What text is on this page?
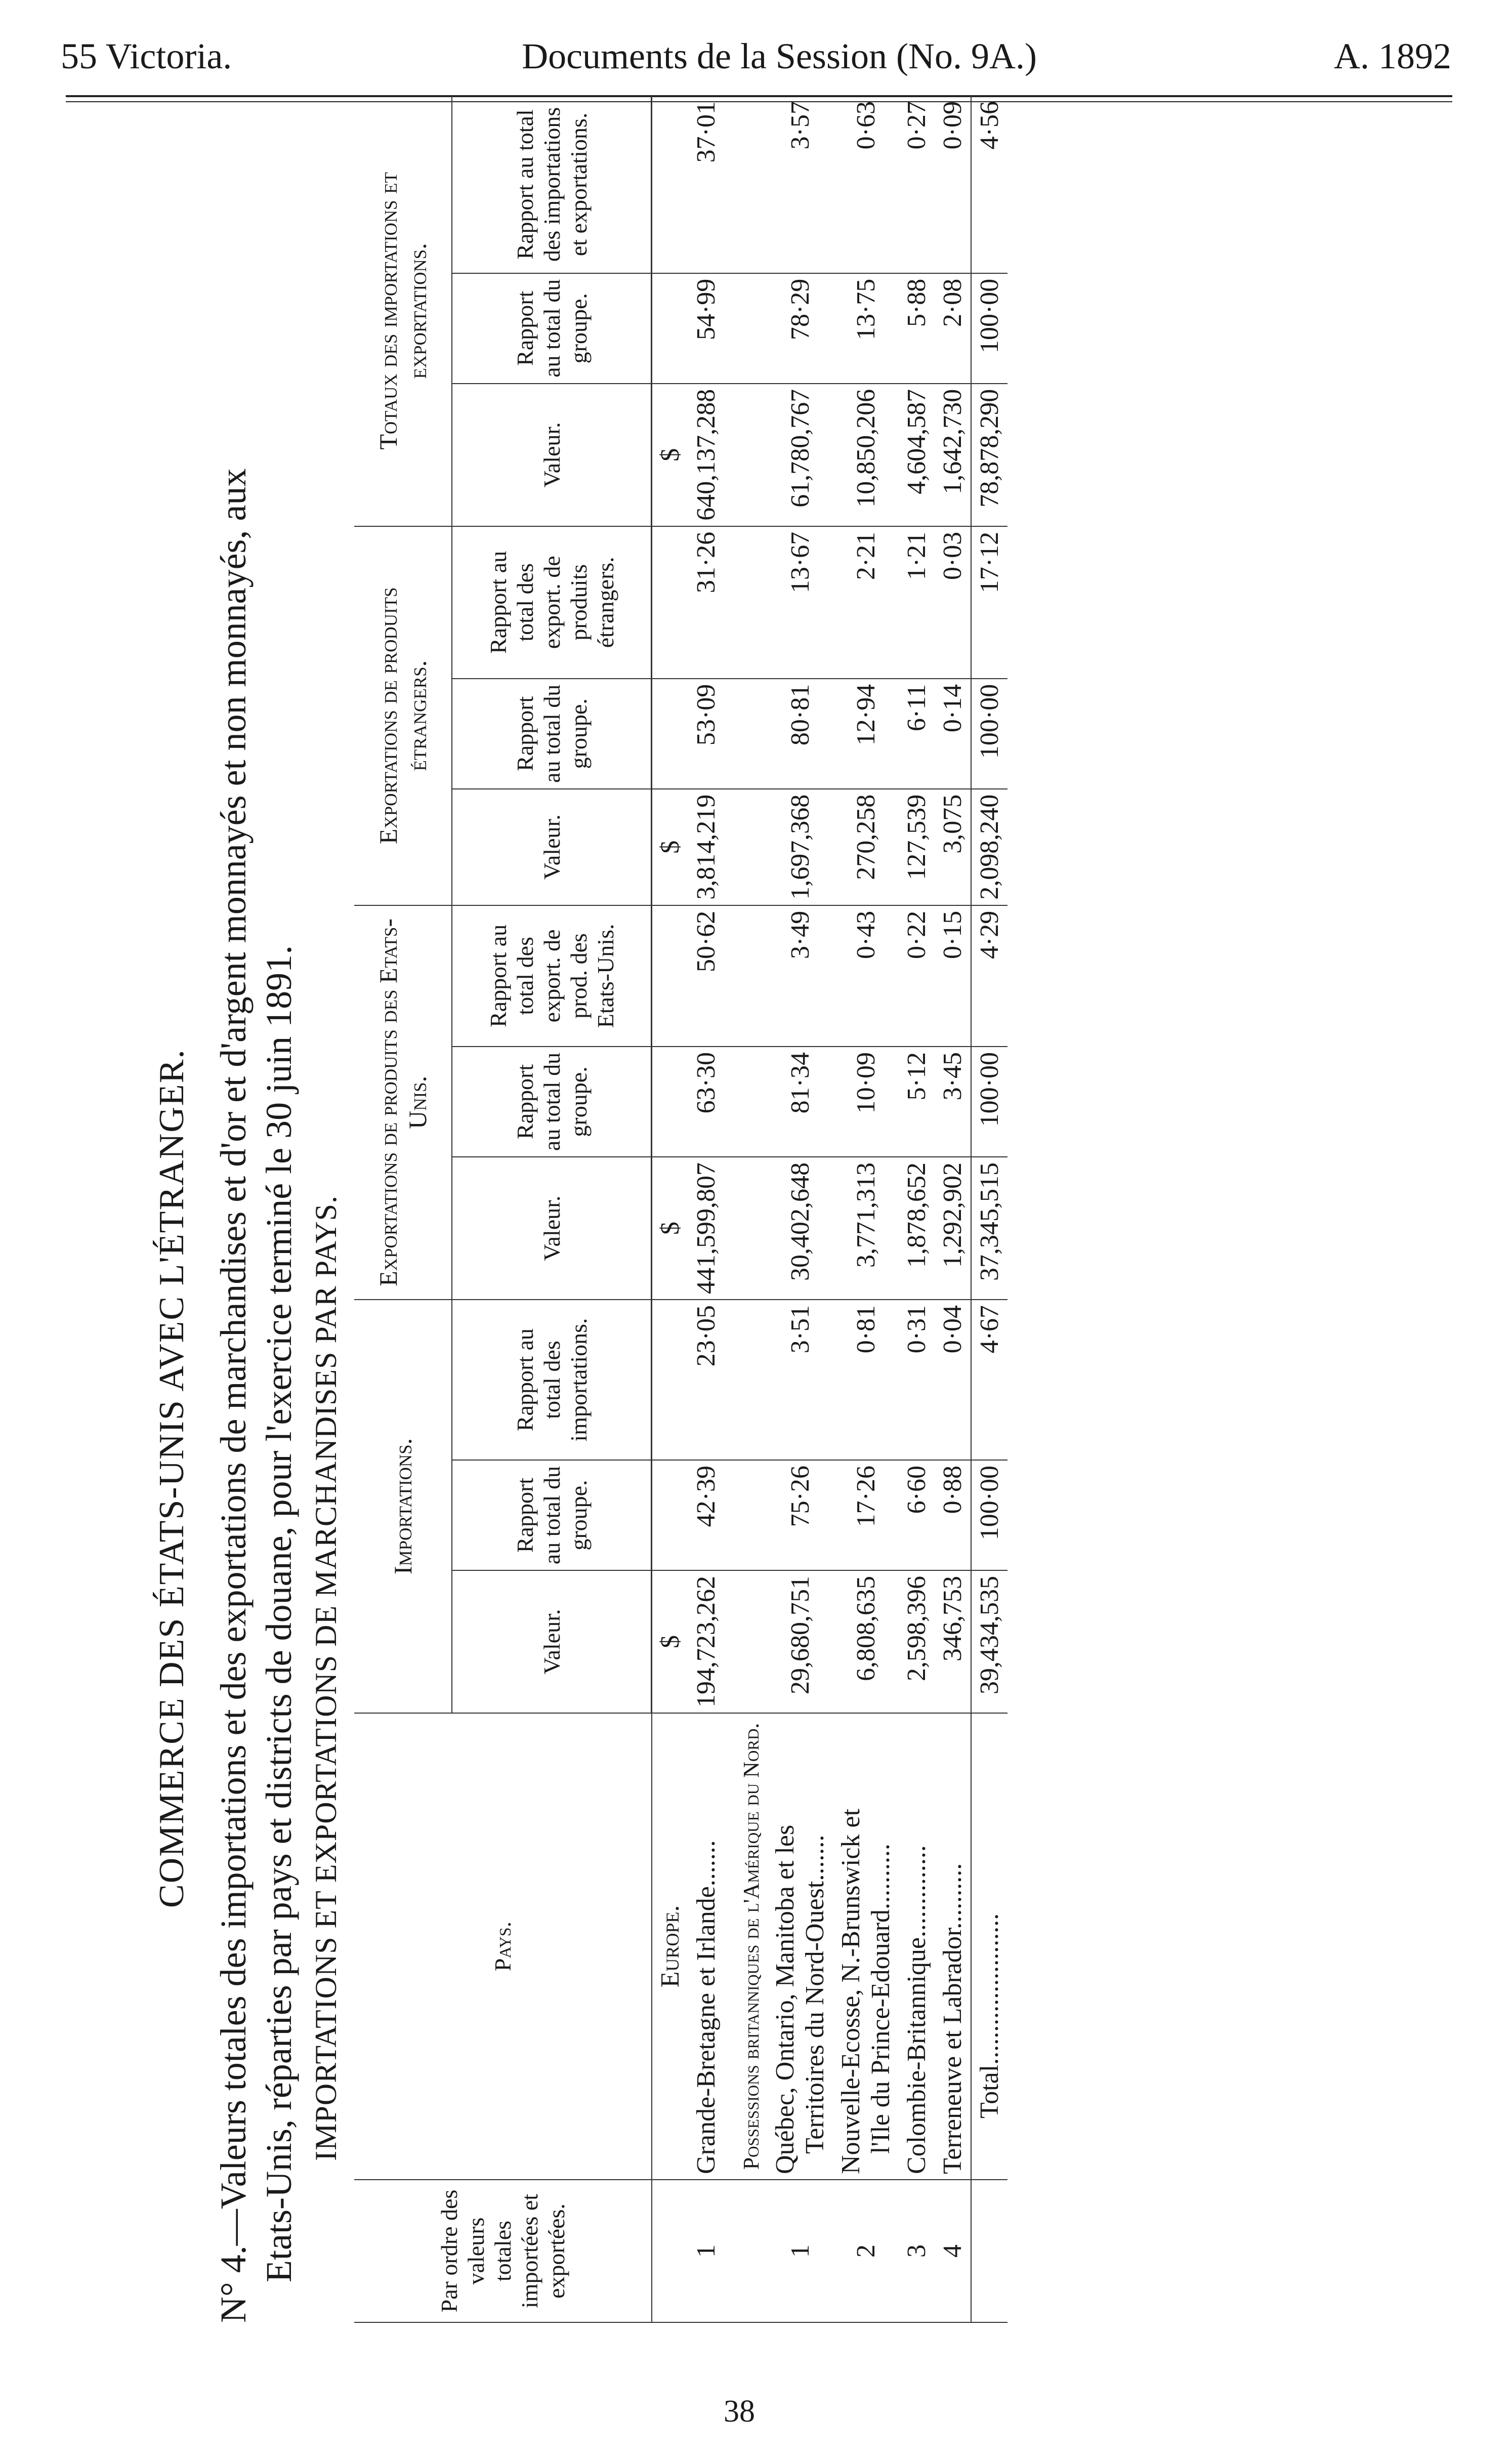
55 Victoria.	Documents de la Session (No. 9A.)	A. 1892
COMMERCE DES ÉTATS-UNIS AVEC L'ÉTRANGER. N° 4.—Valeurs totales des importations et des exportations de marchandises et d'or et d'argent monnayés et non monnayés, aux Etats-Unis, réparties par pays et districts de douane, pour l'exercice terminé le 30 juin 1891. IMPORTATIONS ET EXPORTATIONS DE MARCHANDISES PAR PAYS.
Par ordre des valeurs totales importées et exportées.	Pays.	Importations.			Exportations de produits des Etats-Unis.			Exportations de produits étrangers.			Totaux des importations et exportations.		
		Valeur.	Rapport au total du groupe.	Rapport au total des importations.	Valeur.	Rapport au total du groupe.	Rapport au total des export. de prod. des Etats-Unis.	Valeur.	Rapport au total du groupe.	Rapport au total des export. de produits étrangers.	Valeur.	Rapport au total du groupe.	Rapport au total des importations et exportations.
	Europe.	$			$			$			$		
1	Grande-Bretagne et Irlande.......	194,723,262	42·39	23·05	441,599,807	63·30	50·62	3,814,219	53·09	31·26	640,137,288	54·99	37·01
	Possessions britanniques de l'Amérique du Nord.												
1	Québec, Ontario, Manitoba et les Territoires du Nord-Ouest.......	29,680,751	75·26	3·51	30,402,648	81·34	3·49	1,697,368	80·81	13·67	61,780,767	78·29	3·57
2	Nouvelle-Ecosse, N.-Brunswick et l'Ile du Prince-Edouard..........	6,808,635	17·26	0·81	3,771,313	10·09	0·43	270,258	12·94	2·21	10,850,206	13·75	0·63
3	Colombie-Britannique..............	2,598,396	6·60	0·31	1,878,652	5·12	0·22	127,539	6·11	1·21	4,604,587	5·88	0·27
4	Terreneuve et Labrador..........	346,753	0·88	0·04	1,292,902	3·45	0·15	3,075	0·14	0·03	1,642,730	2·08	0·09
	Total.......................	39,434,535	100·00	4·67	37,345,515	100·00	4·29	2,098,240	100·00	17·12	78,878,290	100·00	4·56
38
